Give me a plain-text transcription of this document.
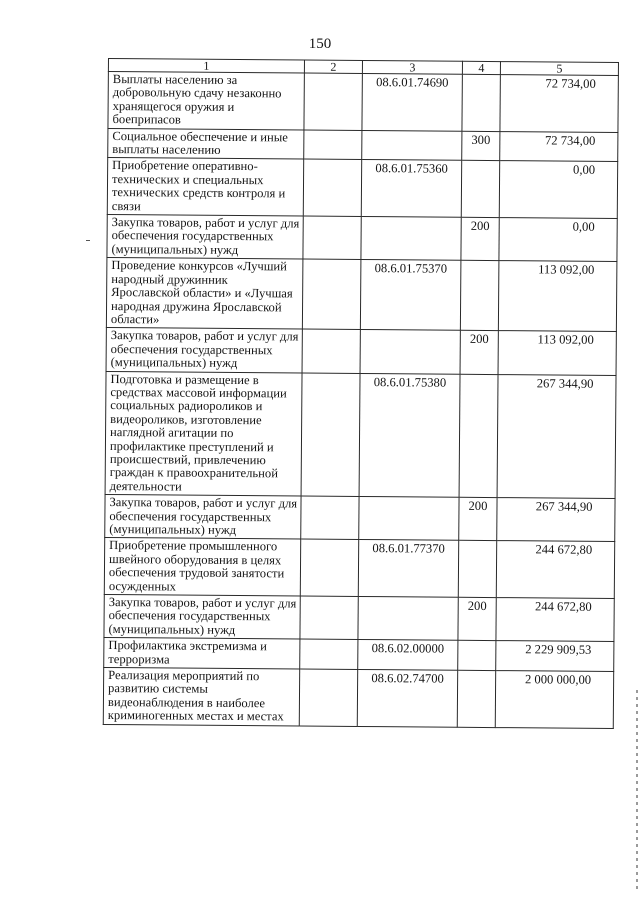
150
1	2	3	4	5
Выплаты населению за добровольную сдачу незаконно хранящегося оружия и боеприпасов		08.6.01.74690		72 734,00
Социальное обеспечение и иные выплаты населению			300	72 734,00
Приобретение оперативно-технических и специальных технических средств контроля и связи		08.6.01.75360		0,00
Закупка товаров, работ и услуг для обеспечения государственных (муниципальных) нужд			200	0,00
Проведение конкурсов «Лучший народный дружинник Ярославской области» и «Лучшая народная дружина Ярославской области»		08.6.01.75370		113 092,00
Закупка товаров, работ и услуг для обеспечения государственных (муниципальных) нужд			200	113 092,00
Подготовка и размещение в средствах массовой информации социальных радиороликов и видеороликов, изготовление наглядной агитации по профилактике преступлений и происшествий, привлечению граждан к правоохранительной деятельности		08.6.01.75380		267 344,90
Закупка товаров, работ и услуг для обеспечения государственных (муниципальных) нужд			200	267 344,90
Приобретение промышленного швейного оборудования в целях обеспечения трудовой занятости осужденных		08.6.01.77370		244 672,80
Закупка товаров, работ и услуг для обеспечения государственных (муниципальных) нужд			200	244 672,80
Профилактика экстремизма и терроризма		08.6.02.00000		2 229 909,53
Реализация мероприятий по развитию системы видеонаблюдения в наиболее криминогенных местах и местах		08.6.02.74700		2 000 000,00
